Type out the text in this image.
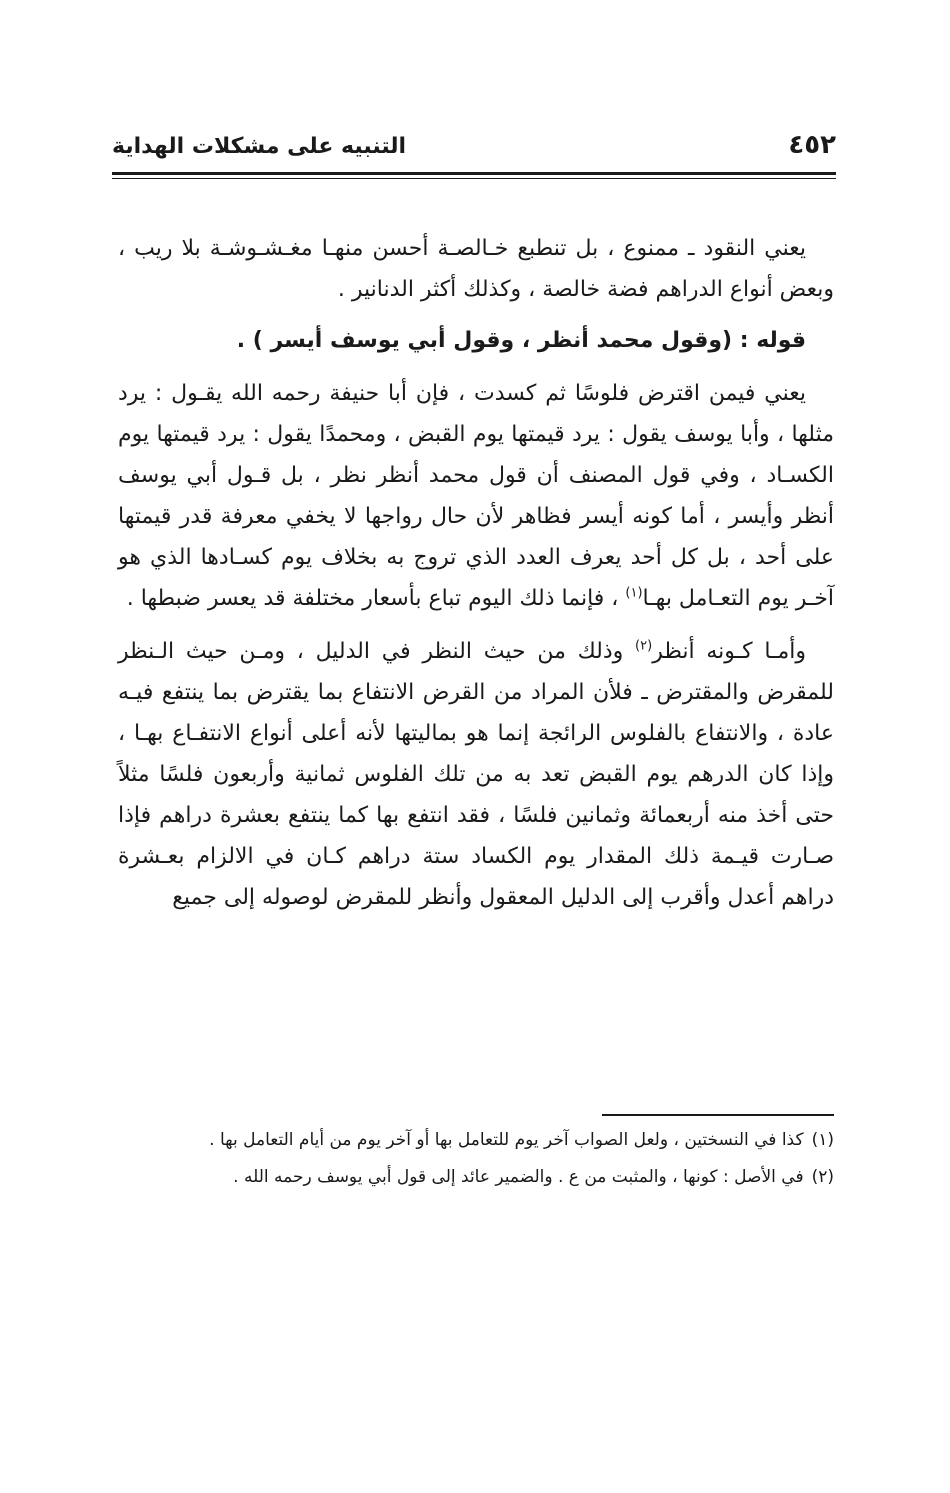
التنبيه على مشكلات الهداية	٤٥٢

يعني النقود ـ ممنوع ، بل تنطبع خـالصـة أحسن منهـا مغـشـوشـة بلا ريب ، وبعض أنواع الدراهم فضة خالصة ، وكذلك أكثر الدنانير .

قوله : (وقول محمد أنظر ، وقول أبي يوسف أيسر ) .

يعني فيمن اقترض فلوسًا ثم كسدت ، فإن أبا حنيفة رحمه الله يقـول : يرد مثلها ، وأبا يوسف يقول : يرد قيمتها يوم القبض ، ومحمدًا يقول : يرد قيمتها يوم الكسـاد ، وفي قول المصنف أن قول محمد أنظر نظر ، بل قـول أبي يوسف أنظر وأيسر ، أما كونه أيسر فظاهر لأن حال رواجها لا يخفي معرفة قدر قيمتها على أحد ، بل كل أحد يعرف العدد الذي تروج به بخلاف يوم كسـادها الذي هو آخـر يوم التعـامل بهـا$^{(١)}$ ، فإنما ذلك اليوم تباع بأسعار مختلفة قد يعسر ضبطها .

وأمـا كـونه أنظر$^{(٢)}$ وذلك من حيث النظر في الدليل ، ومـن حيث الـنظر للمقرض والمقترض ـ فلأن المراد من القرض الانتفاع بما يقترض بما ينتفع فيـه عادة ، والانتفاع بالفلوس الرائجة إنما هو بماليتها لأنه أعلى أنواع الانتفـاع بهـا ، وإذا كان الدرهم يوم القبض تعد به من تلك الفلوس ثمانية وأربعون فلسًا مثلاً حتى أخذ منه أربعمائة وثمانين فلسًا ، فقد انتفع بها كما ينتفع بعشرة دراهم فإذا صـارت قيـمة ذلك المقدار يوم الكساد ستة دراهم كـان في الالزام بعـشرة دراهم أعدل وأقرب إلى الدليل المعقول وأنظر للمقرض لوصوله إلى جميع

(١)كذا في النسختين ، ولعل الصواب آخر يوم للتعامل بها أو آخر يوم من أيام التعامل بها .

(٢)في الأصل : كونها ، والمثبت من ع . والضمير عائد إلى قول أبي يوسف رحمه الله .
